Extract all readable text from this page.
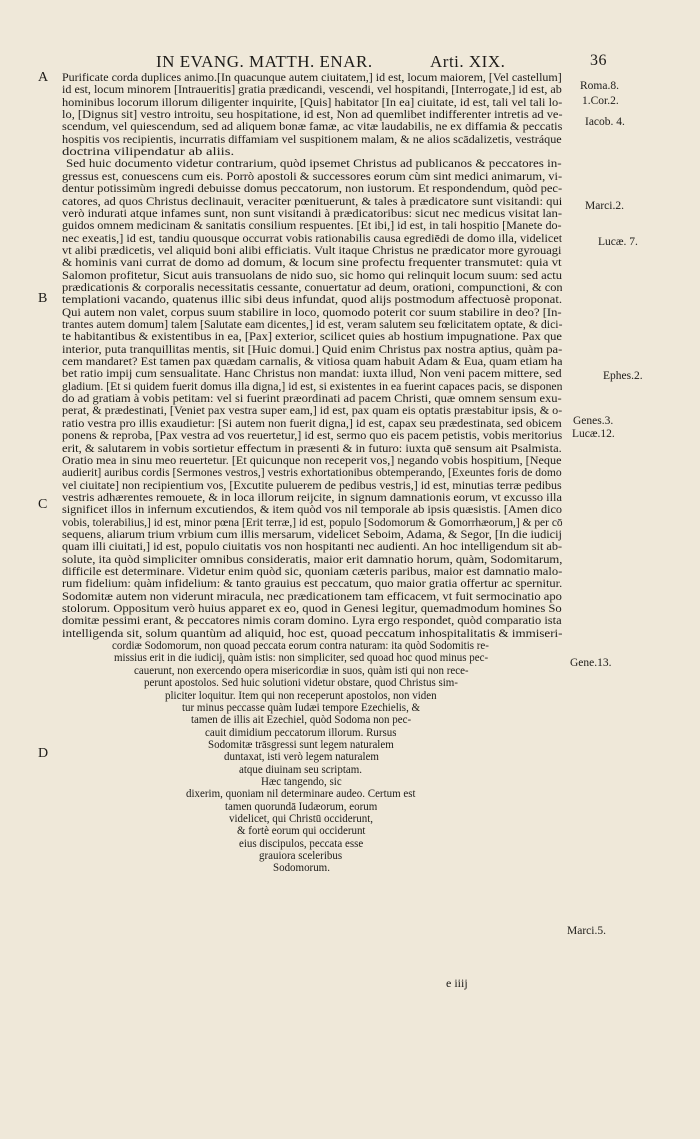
IN EVANG. MATTH. ENAR.	Arti. XIX.	36
Purificate corda duplices animo.[In quacunque autem ciuitatem,] id est, locum maiorem, [Vel castellum]
id est, locum minorem [Intraueritis] gratia prædicandi, vescendi, vel hospitandi, [Interrogate,] id est, ab
hominibus locorum illorum diligenter inquirite, [Quis] habitator [In ea] ciuitate, id est, tali vel tali lo-
lo, [Dignus sit] vestro introitu, seu hospitatione, id est, Non ad quemlibet indifferenter intretis ad ve-
scendum, vel quiescendum, sed ad aliquem bonæ famæ, ac vitæ laudabilis, ne ex diffamia & peccatis
hospitis vos recipientis, incurratis diffamiam vel suspitionem malam, & ne alios scādalizetis, vestráque
doctrina vilipendatur ab aliis.
Sed huic documento videtur contrarium, quòd ipsemet Christus ad publicanos & peccatores in-
gressus est, conuescens cum eis. Porrò apostoli & successores eorum cùm sint medici animarum, vi-
dentur potissimùm ingredi debuisse domus peccatorum, non iustorum. Et respondendum, quòd pec-
catores, ad quos Christus declinauit, veraciter pœnituerunt, & tales à prædicatore sunt visitandi: qui
verò indurati atque infames sunt, non sunt visitandi à prædicatoribus: sicut nec medicus visitat lan-
guidos omnem medicinam & sanitatis consilium respuentes. [Et ibi,] id est, in tali hospitio [Manete do-
nec exeatis,] id est, tandiu quousque occurrat vobis rationabilis causa egrediēdi de domo illa, videlicet
vt alibi prædicetis, vel aliquid boni alibi efficiatis. Vult itaque Christus ne prædicator more gyrouagi
& hominis vani currat de domo ad domum, & locum sine profectu frequenter transmutet: quia vt
Salomon profitetur, Sicut auis transuolans de nido suo, sic homo qui relinquit locum suum: sed actu
prædicationis & corporalis necessitatis cessante, conuertatur ad deum, orationi, compunctioni, & con
templationi vacando, quatenus illic sibi deus infundat, quod alijs postmodum affectuosè proponat.
Qui autem non valet, corpus suum stabilire in loco, quomodo poterit cor suum stabilire in deo? [In-
trantes autem domum] talem [Salutate eam dicentes,] id est, veram salutem seu fœlicitatem optate, & dici-
te habitantibus & existentibus in ea, [Pax] exterior, scilicet quies ab hostium impugnatione. Pax que
interior, puta tranquillitas mentis, sit [Huic domui.] Quid enim Christus pax nostra aptius, quàm pa-
cem mandaret? Est tamen pax quædam carnalis, & vitiosa quam habuit Adam & Eua, quam etiam ha
bet ratio impij cum sensualitate. Hanc Christus non mandat: iuxta illud, Non veni pacem mittere, sed
gladium. [Et si quidem fuerit domus illa digna,] id est, si existentes in ea fuerint capaces pacis, se disponen
do ad gratiam à vobis petitam: vel si fuerint præordinati ad pacem Christi, quæ omnem sensum exu-
perat, & prædestinati, [Veniet pax vestra super eam,] id est, pax quam eis optatis præstabitur ipsis, & o-
ratio vestra pro illis exaudietur: [Si autem non fuerit digna,] id est, capax seu prædestinata, sed obicem
ponens & reproba, [Pax vestra ad vos reuertetur,] id est, sermo quo eis pacem petistis, vobis meritorius
erit, & salutarem in vobis sortietur effectum in præsenti & in futuro: iuxta quē sensum ait Psalmista.
Oratio mea in sinu meo reuertetur. [Et quicunque non receperit vos,] negando vobis hospitium, [Neque
audierit] auribus cordis [Sermones vestros,] vestris exhortationibus obtemperando, [Exeuntes foris de domo
vel ciuitate] non recipientium vos, [Excutite puluerem de pedibus vestris,] id est, minutias terræ pedibus
vestris adhærentes remouete, & in loca illorum reijcite, in signum damnationis eorum, vt excusso illa
significet illos in infernum excutiendos, & item quòd vos nil temporale ab ipsis quæsistis. [Amen dico
vobis, tolerabilius,] id est, minor pœna [Erit terræ,] id est, populo [Sodomorum & Gomorrhæorum,] & per cō
sequens, aliarum trium vrbium cum illis mersarum, videlicet Seboim, Adama, & Segor, [In die iudicij
quam illi ciuitati,] id est, populo ciuitatis vos non hospitanti nec audienti. An hoc intelligendum sit ab-
solute, ita quòd simpliciter omnibus consideratis, maior erit damnatio horum, quàm, Sodomitarum,
difficile est determinare. Videtur enim quòd sic, quoniam cæteris paribus, maior est damnatio malo-
rum fidelium: quàm infidelium: & tanto grauius est peccatum, quo maior gratia offertur ac spernitur.
Sodomitæ autem non viderunt miracula, nec prædicationem tam efficacem, vt fuit sermocinatio apo
stolorum. Oppositum verò huius apparet ex eo, quod in Genesi legitur, quemadmodum homines So
domitæ pessimi erant, & peccatores nimis coram domino. Lyra ergo respondet, quòd comparatio ista
intelligenda sit, solum quantùm ad aliquid, hoc est, quoad peccatum inhospitalitatis & immiseri-
cordiæ Sodomorum, non quoad peccata eorum contra naturam: ita quòd Sodomitis re-
missius erit in die iudicij, quàm istis: non simpliciter, sed quoad hoc quod minus pec-
cauerunt, non exercendo opera misericordiæ in suos, quàm isti qui non rece-
perunt apostolos. Sed huic solutioni videtur obstare, quod Christus sim-
pliciter loquitur. Item qui non receperunt apostolos, non viden
tur minus peccasse quàm Iudæi tempore Ezechielis, &
tamen de illis ait Ezechiel, quòd Sodoma non pec-
cauit dimidium peccatorum illorum. Rursus
Sodomitæ trāsgressi sunt legem naturalem
duntaxat, isti verò legem naturalem
atque diuinam seu scriptam.
Hæc tangendo, sic
dixerim, quoniam nil determinare audeo. Certum est
tamen quorundā Iudæorum, eorum
videlicet, qui Christū occiderunt,
& fortè eorum qui occiderunt
eius discipulos, peccata esse
grauiora sceleribus
Sodomorum.
A
B
C
D
Roma.8.
1.Cor.2.
Iacob. 4.
Marci.2.
Lucæ. 7.
Ephes.2.
Genes.3.
Lucæ.12.
Gene.13.
Marci.5.
e iiij
